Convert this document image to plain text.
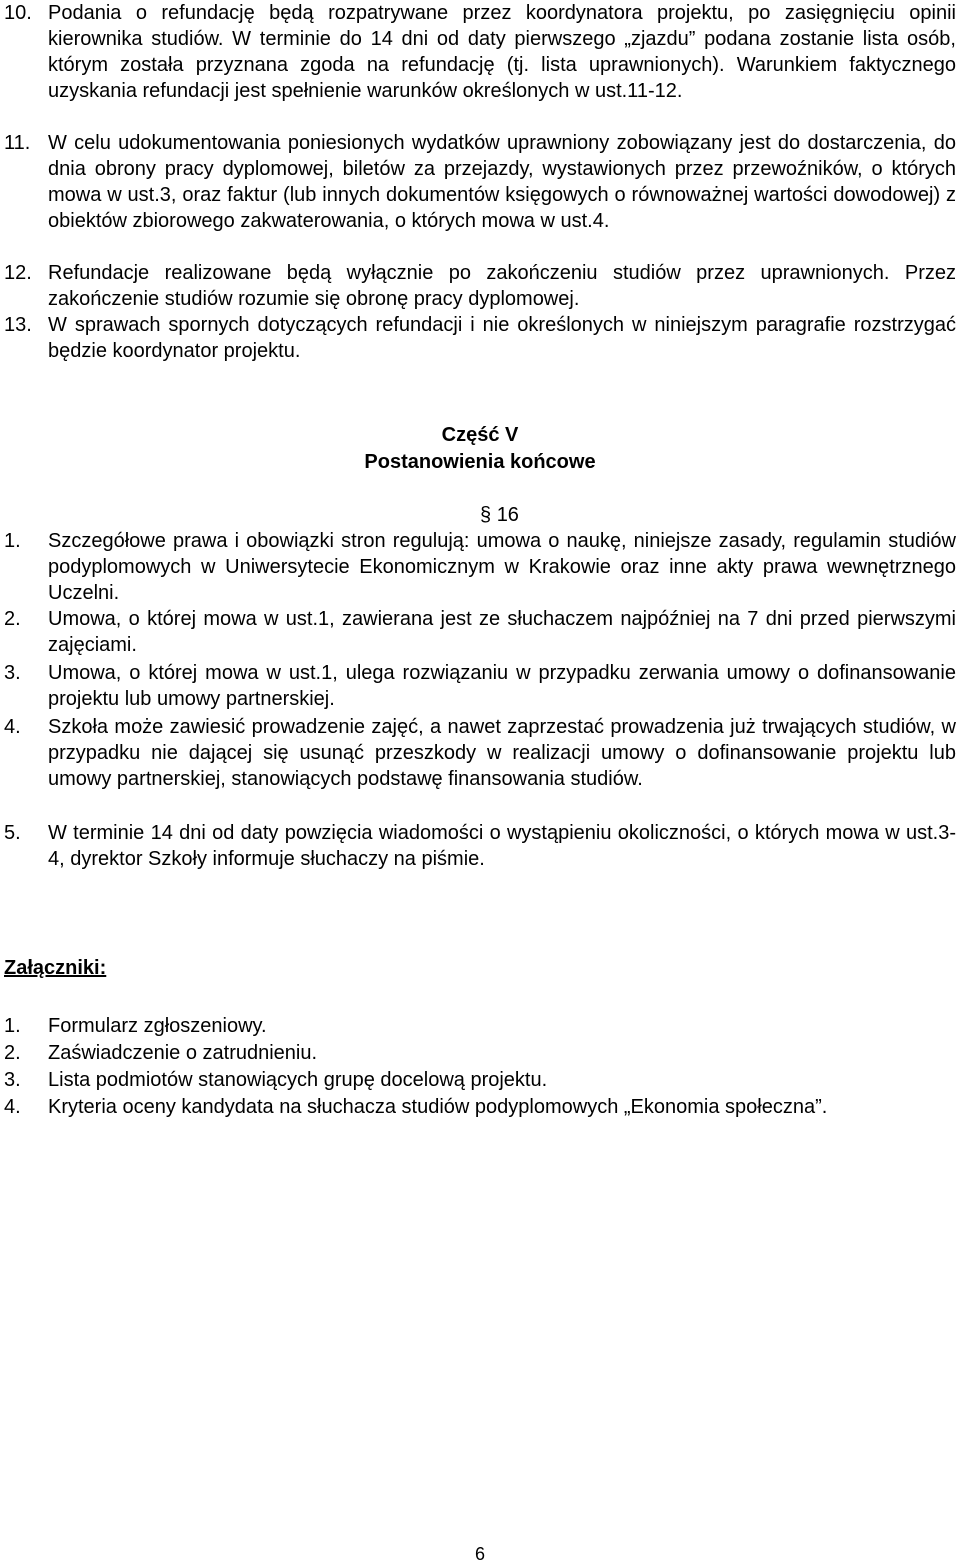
10. Podania o refundację będą rozpatrywane przez koordynatora projektu, po zasięgnięciu opinii kierownika studiów. W terminie do 14 dni od daty pierwszego „zjazdu” podana zostanie lista osób, którym została przyznana zgoda na refundację (tj. lista uprawnionych). Warunkiem faktycznego uzyskania refundacji jest spełnienie warunków określonych w ust.11-12.
11. W celu udokumentowania poniesionych wydatków uprawniony zobowiązany jest do dostarczenia, do dnia obrony pracy dyplomowej, biletów za przejazdy, wystawionych przez przewoźników, o których mowa w ust.3, oraz faktur (lub innych dokumentów księgowych o równoważnej wartości dowodowej) z obiektów zbiorowego zakwaterowania, o których mowa w ust.4.
12. Refundacje realizowane będą wyłącznie po zakończeniu studiów przez uprawnionych. Przez zakończenie studiów rozumie się obronę pracy dyplomowej.
13. W sprawach spornych dotyczących refundacji i nie określonych w niniejszym paragrafie rozstrzygać będzie koordynator projektu.
Część V
Postanowienia końcowe
§ 16
1.	Szczegółowe prawa i obowiązki stron regulują: umowa o naukę, niniejsze zasady, regulamin studiów podyplomowych w Uniwersytecie Ekonomicznym w Krakowie oraz inne akty prawa wewnętrznego Uczelni.
2.	Umowa, o której mowa w ust.1, zawierana jest ze słuchaczem najpóźniej na 7 dni przed pierwszymi zajęciami.
3.	Umowa, o której mowa w ust.1, ulega rozwiązaniu w przypadku zerwania umowy o dofinansowanie projektu lub umowy partnerskiej.
4.	Szkoła może zawiesić prowadzenie zajęć, a nawet zaprzestać prowadzenia już trwających studiów, w przypadku nie dającej się usunąć przeszkody w realizacji umowy o dofinansowanie projektu lub umowy partnerskiej, stanowiących podstawę finansowania studiów.
5.	W terminie 14 dni od daty powzięcia wiadomości o wystąpieniu okoliczności, o których mowa w ust.3-4, dyrektor Szkoły informuje słuchaczy na piśmie.
Załączniki:
1.	Formularz zgłoszeniowy.
2.	Zaświadczenie o zatrudnieniu.
3.	Lista podmiotów stanowiących grupę docelową projektu.
4.	Kryteria oceny kandydata na słuchacza studiów podyplomowych „Ekonomia społeczna”.
6
